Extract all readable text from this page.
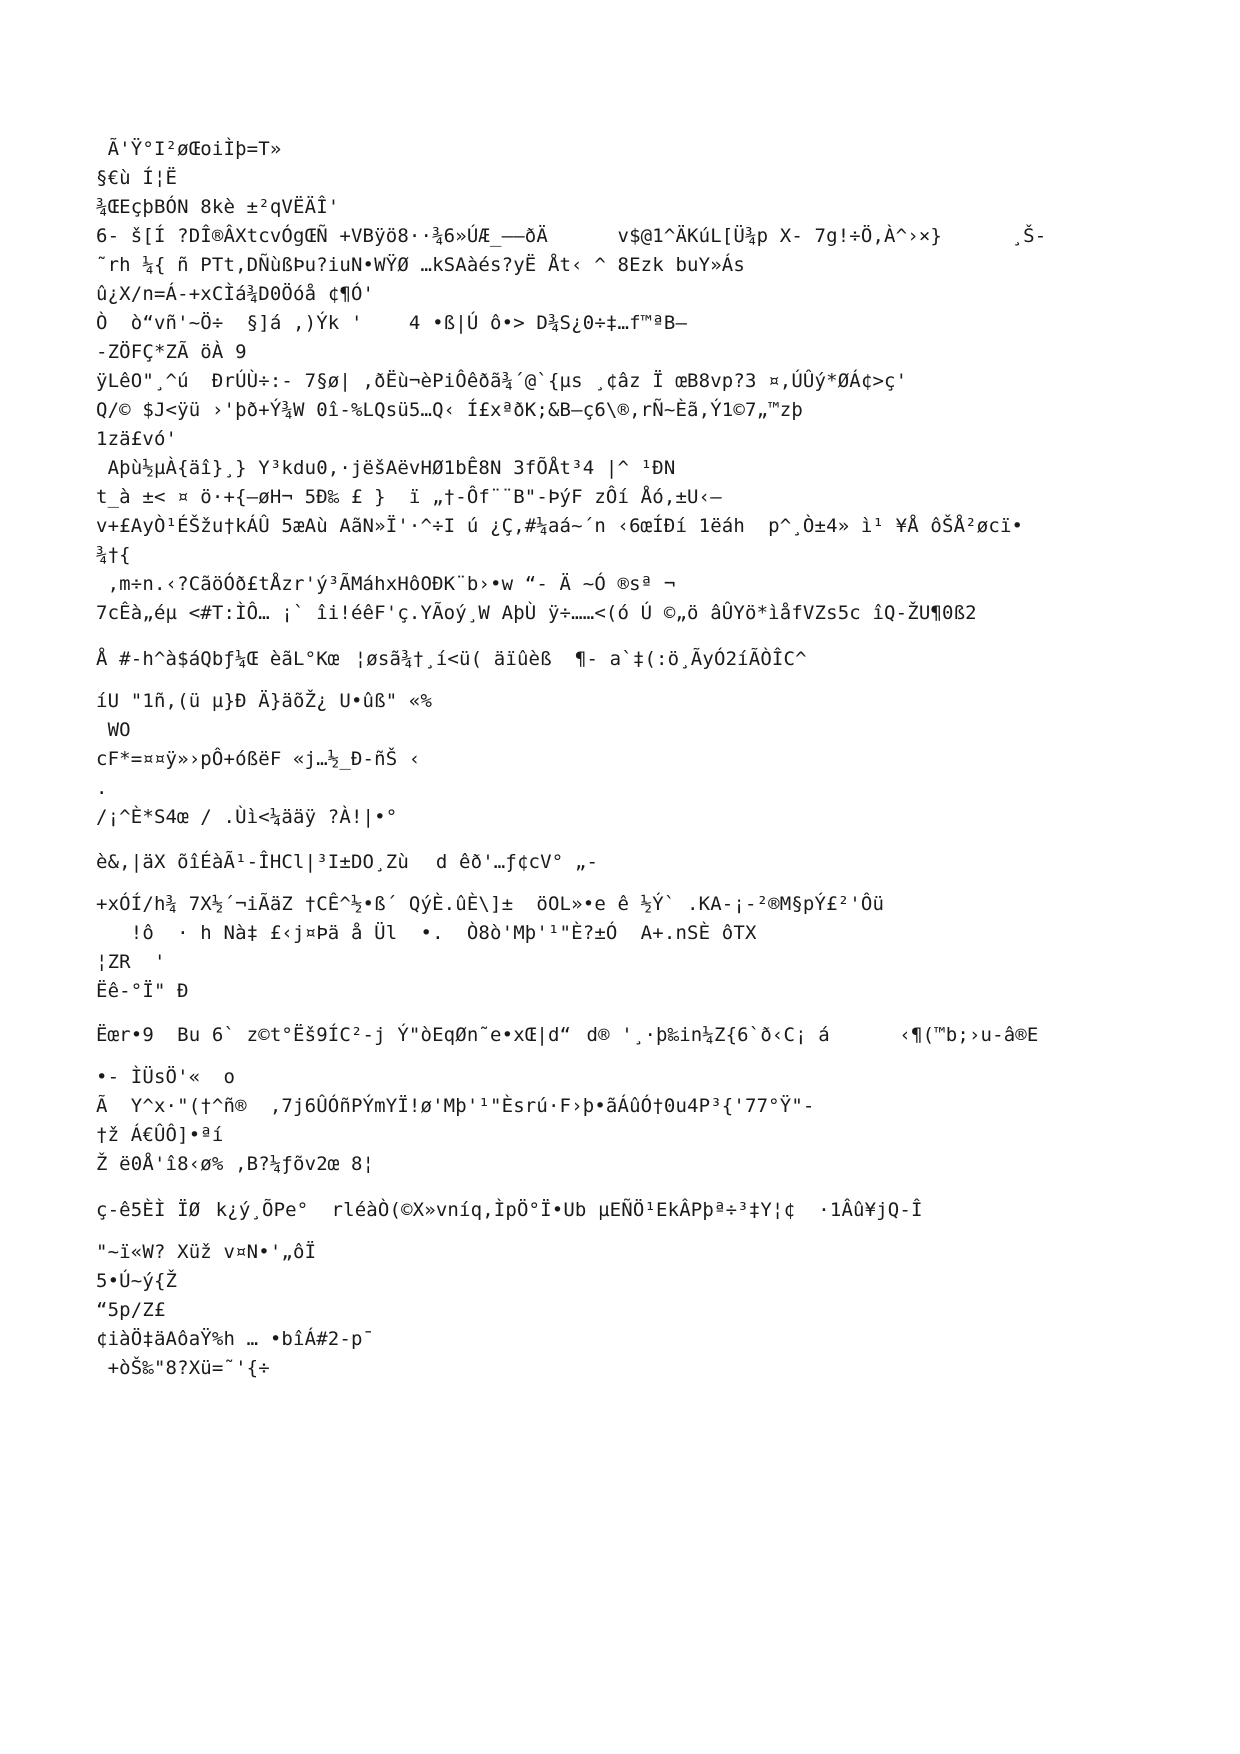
Ã'Ÿ°I²øŒoiÌþ=T»

§€ù Í¦Ë

¾ŒEçþBÓN 8kè ±²qVËÄÎ'

6- š[Í ?DÎ®ÂXtcvÓgŒÑ +VBÿö8··¾6»ÚÆ_—–ðÄ      v$@1^ÄKúL[Ü¾p X- 7g!÷Ö,À^›×}      ¸Š-

˜rh ¼{ ñ PTt,DÑùßÞu?iuN•WŸØ …kSAàés?yË Åt‹ ^ 8Ezk buY»Ás

û¿X/n=Á-+xCÌá¾D0Öóå ¢¶Ó'

Ò  ò“vñ'~Ö÷  §]á ,)Ýk '    4 •ß|Ú ô•> D¾S¿0÷‡…f™ªB—

-ZÖFÇ*ZÃ öÀ 9

ÿLêO"¸^ú  ÐrÚÙ÷:- 7§ø| ,ðËù¬èPiÔêðã¾´@`{µs ¸¢âz Ï œB8vp?3 ¤,ÚÛý*ØÁ¢>ç'

Q/© $J<ÿü ›'þð+Ý¾W 0î-%LQsü5…Q‹ Í£xªðK;&B—ç6\®,rÑ~Èã,Ý1©7„™zþ

1zä£vó'

Aþù½µÀ{äî}¸} Y³kdu0,·jëšAëvHØ1bÊ8N 3fÕÅt³4 |^ ¹ÐN

t_à ±< ¤ ö·+{—øH¬ 5Ð‰ £ }  ï „†-Ôf¨¨B"-ÞýF zÔí Åó,±U‹–

v+£AyÒ¹ÉŠžu†kÁÛ 5æAù AãN»Ï'·^÷I ú ¿Ç,#¼aá~´n ‹6œÍÐí 1ëáh  p^¸Ò±4» ì¹ ¥Å ôŠÅ²øcï•

¾†{

,m÷n.‹?CãöÓð£tÅzr'ý³ÃMáhxHôOÐK¨b›•w “- Ä ~Ó ®sª ¬

7cÊà„éµ <#T:ÌÔ… ¡` îi!éêF'ç.YÃoý¸W AþÙ ÿ÷……<(ó Ú ©„ö âÛYö*ìåfVZs5c îQ-ŽU¶0ß2

Å #-h^à$áQbƒ¼Œ èãL°Kœ¦øsã¾†¸í<ü( äïûèß  ¶- a`‡(:ö¸ÃyÓ2íÃÒÎC^

íU "1ñ,(ü µ}Ð Ä}äõŽ¿ U•ûß" «%

WO

cF*=¤¤ÿ»›pÔ+óßëF «j…½_Ð-ñŠ ‹

.

/¡^È*S4œ / .Ùì<¼ääÿ ?À!|•°

è&,|äX õîÉàÃ¹-ÎHCl|³I±DO¸Zù d êð'…ƒ¢cV° „-

+xÓÍ/h¾ 7X½´¬iÃäZ †CÊ^½•ß´ QýÈ.ûÈ\]±  öOL»•e ê ½Ý` .KA-¡-²®M§pÝ£²'Ôü

!ô  · h Nà‡ £‹j¤Þä å Ül  •.  Ò8ò'Mþ'¹"È?±Ó  A+.nSÈ ôTX

¦ZR  '

Ëê-°Ï" Ð

Ëœr•9  Bu 6` z©t°Ëš9ÍC²-j Ý"òEqØn˜e•xŒ|d“d® '¸·þ‰in¼Z{6`ð‹C¡ á      ‹¶(™b;›u-â®E

•- ÌÜsÖ'«  o

Ã  Y^x·"(†^ñ®  ,7j6ÛÓñPÝmYÏ!ø'Mþ'¹"Èsrú·F›þ•ãÁûÓ†0u4P³{'77°Ÿ"-

†ž Á€ÛÔ]•ªí

Ž ë0Å'î8‹ø% ,B?¼ƒõv2œ 8¦

ç-ê5ÈÌ ÏØk¿ý¸ÕPe°  rléàÒ(©X»vníq,ÌpÖ°Ï•Ub µEÑÖ¹EkÂPþª÷³‡Y¦¢  ·1Âû¥jQ-Î

"~ï«W? Xüž v¤N•'„ôÏ

5•Ú~ý{Ž

“5p/Z£

¢iàÖ‡äAôaŸ%h … •bîÁ#2-p¯

+òŠ‰"8?Xü=˜'{÷
